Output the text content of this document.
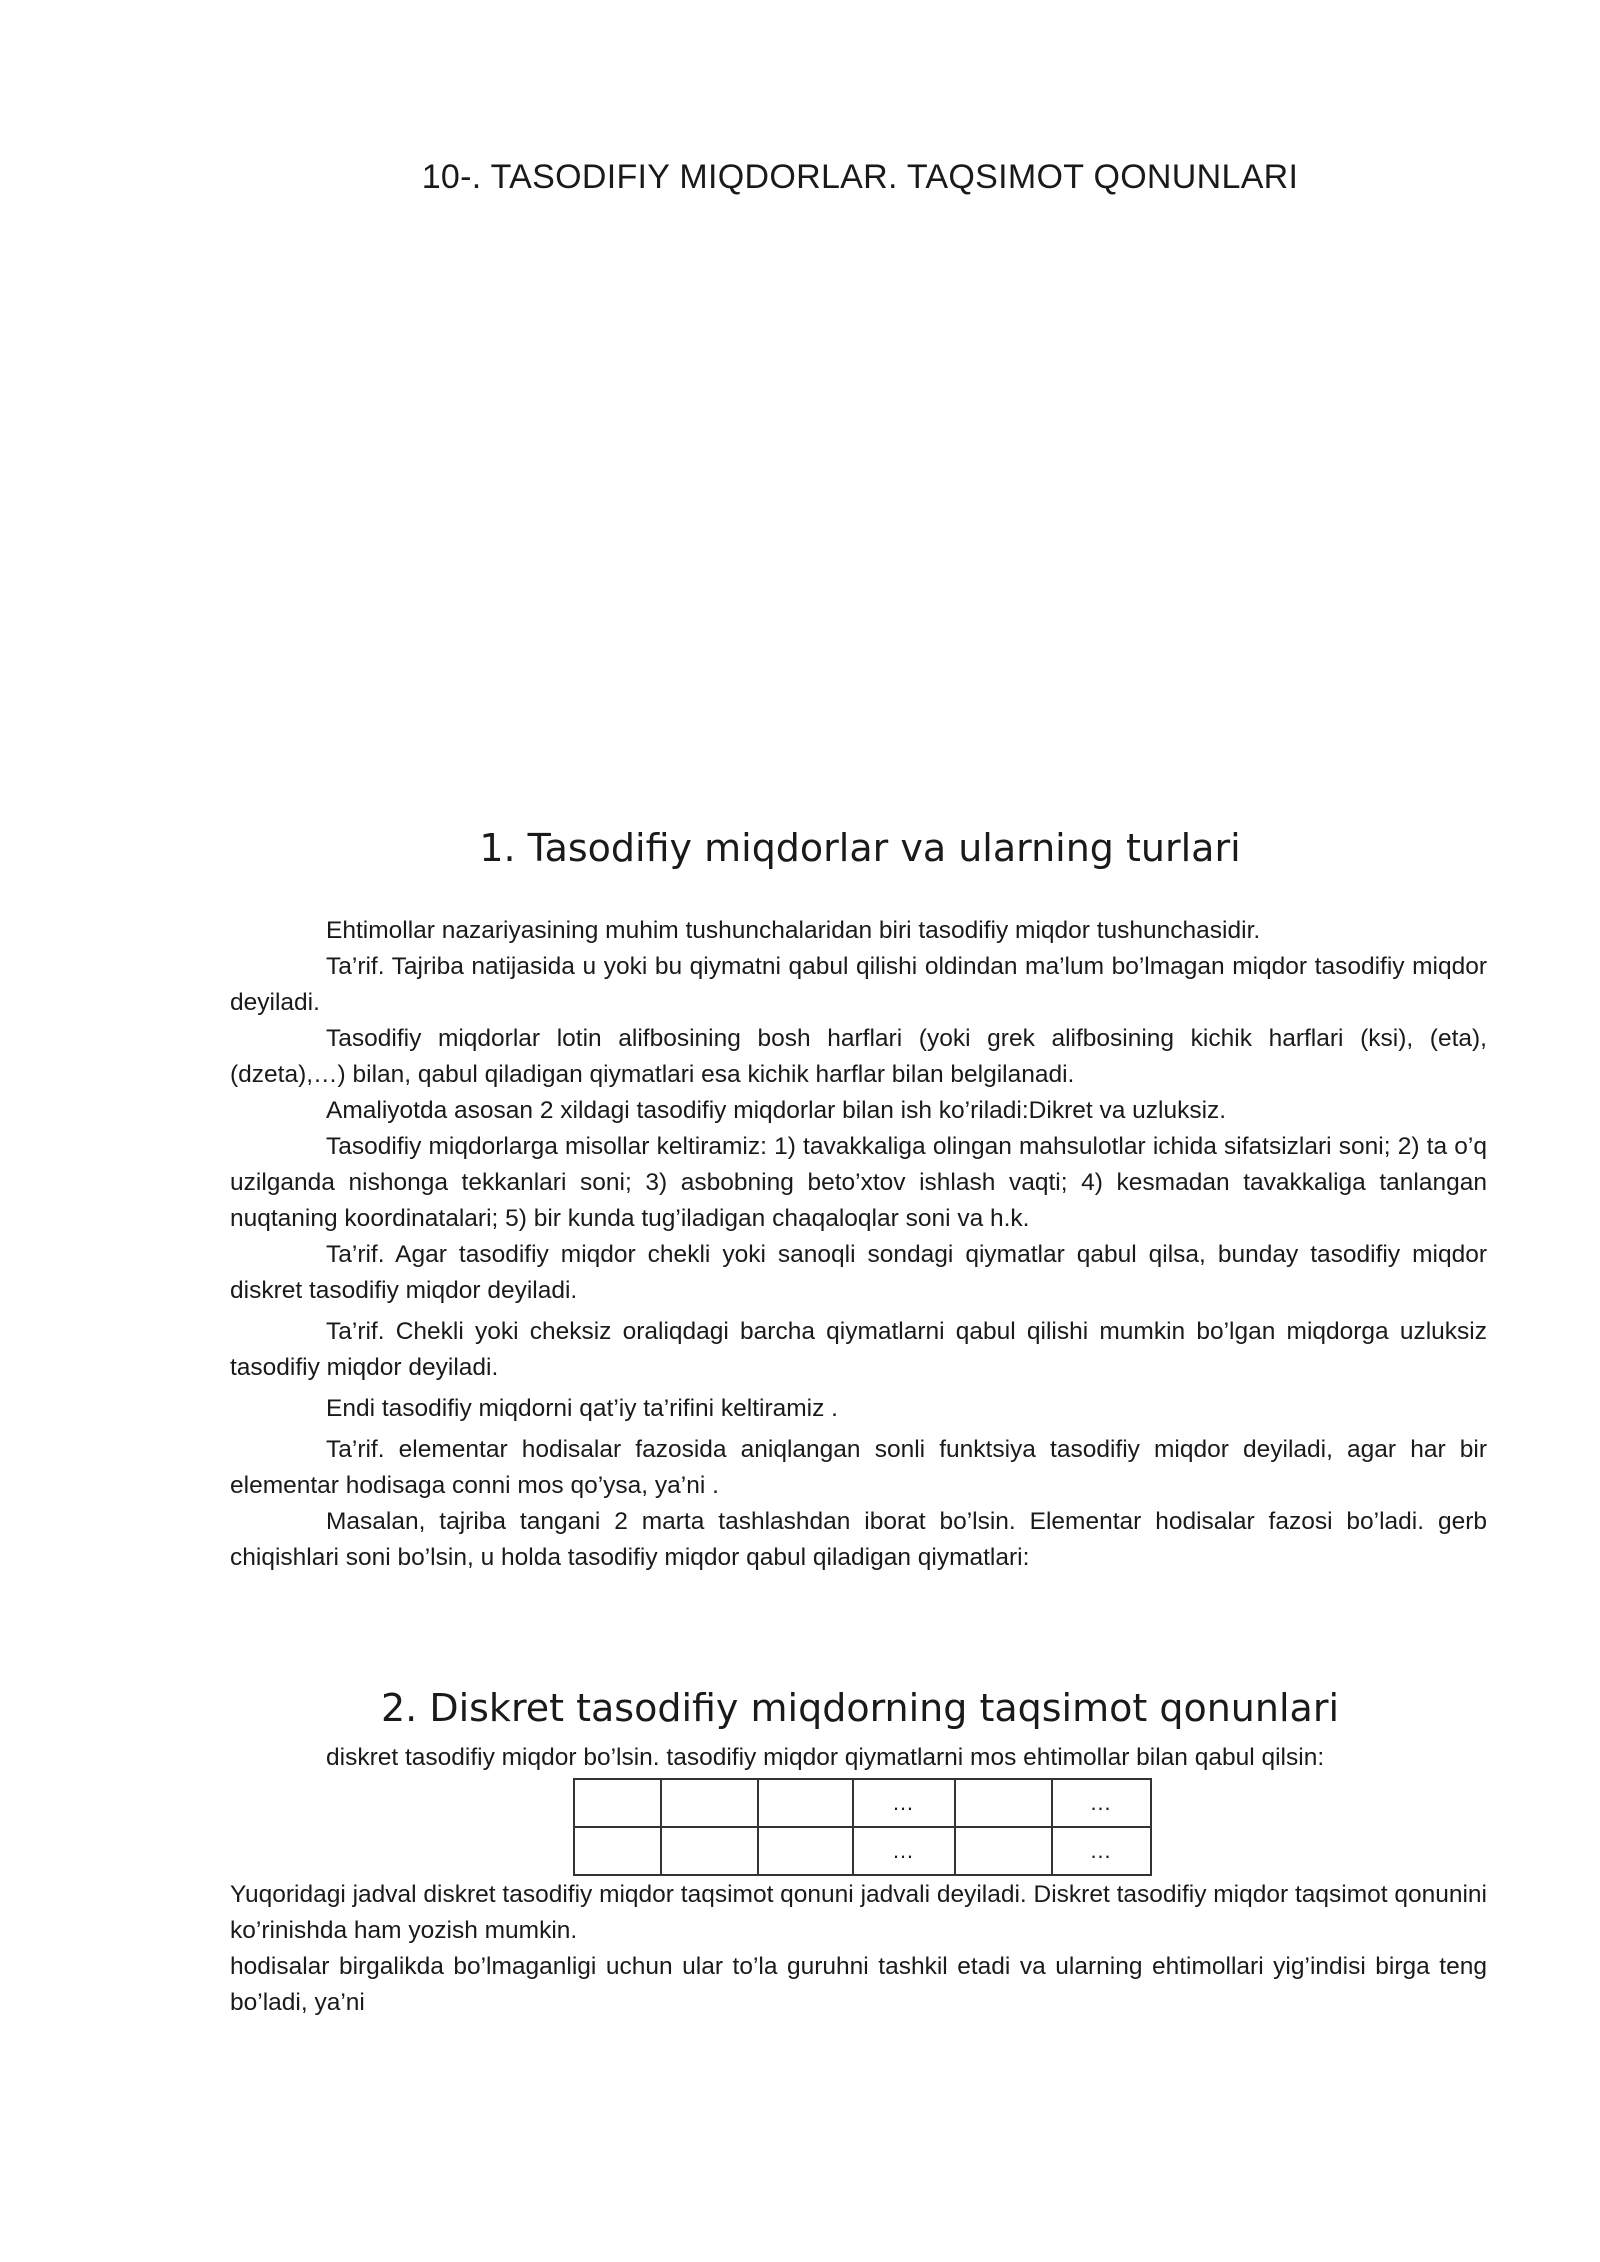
10-. TASODIFIY MIQDORLAR. TAQSIMOT QONUNLARI
1. Tasodifiy miqdorlar va ularning turlari

Ehtimollar nazariyasining muhim tushunchalaridan biri tasodifiy miqdor tushunchasidir.

Ta’rif. Tajriba natijasida u yoki bu qiymatni qabul qilishi oldindan ma’lum bo’lmagan miqdor tasodifiy miqdor deyiladi.

Tasodifiy miqdorlar lotin alifbosining bosh harflari (yoki grek alifbosining kichik harflari (ksi), (eta), (dzeta),…) bilan, qabul qiladigan qiymatlari esa kichik harflar bilan belgilanadi.

Amaliyotda asosan 2 xildagi tasodifiy miqdorlar bilan ish ko’riladi:Dikret va uzluksiz.

Tasodifiy miqdorlarga misollar keltiramiz: 1) tavakkaliga olingan mahsulotlar ichida sifatsizlari soni; 2) ta o’q uzilganda nishonga tekkanlari soni; 3) asbobning beto’xtov ishlash vaqti; 4) kesmadan tavakkaliga tanlangan nuqtaning koordinatalari; 5) bir kunda tug’iladigan chaqaloqlar soni va h.k.

Ta’rif. Agar tasodifiy miqdor chekli yoki sanoqli sondagi qiymatlar qabul qilsa, bunday tasodifiy miqdor diskret tasodifiy miqdor deyiladi.

Ta’rif. Chekli yoki cheksiz oraliqdagi barcha qiymatlarni qabul qilishi mumkin bo’lgan miqdorga uzluksiz tasodifiy miqdor deyiladi.

Endi tasodifiy miqdorni qat’iy ta’rifini keltiramiz .

Ta’rif. elementar hodisalar fazosida aniqlangan sonli funktsiya tasodifiy miqdor deyiladi, agar har bir elementar hodisaga conni mos qo’ysa, ya’ni .

Masalan, tajriba tangani 2 marta tashlashdan iborat bo’lsin. Elementar hodisalar fazosi bo’ladi. gerb chiqishlari soni bo’lsin, u holda tasodifiy miqdor qabul qiladigan qiymatlari:

2. Diskret tasodifiy miqdorning taqsimot qonunlari

diskret tasodifiy miqdor bo’lsin. tasodifiy miqdor qiymatlarni mos ehtimollar bilan qabul qilsin:

			…		…
			…		…

Yuqoridagi jadval diskret tasodifiy miqdor taqsimot qonuni jadvali deyiladi. Diskret tasodifiy miqdor taqsimot qonunini ko’rinishda ham yozish mumkin.

hodisalar birgalikda bo’lmaganligi uchun ular to’la guruhni tashkil etadi va ularning ehtimollari yig’indisi birga teng bo’ladi, ya’ni
